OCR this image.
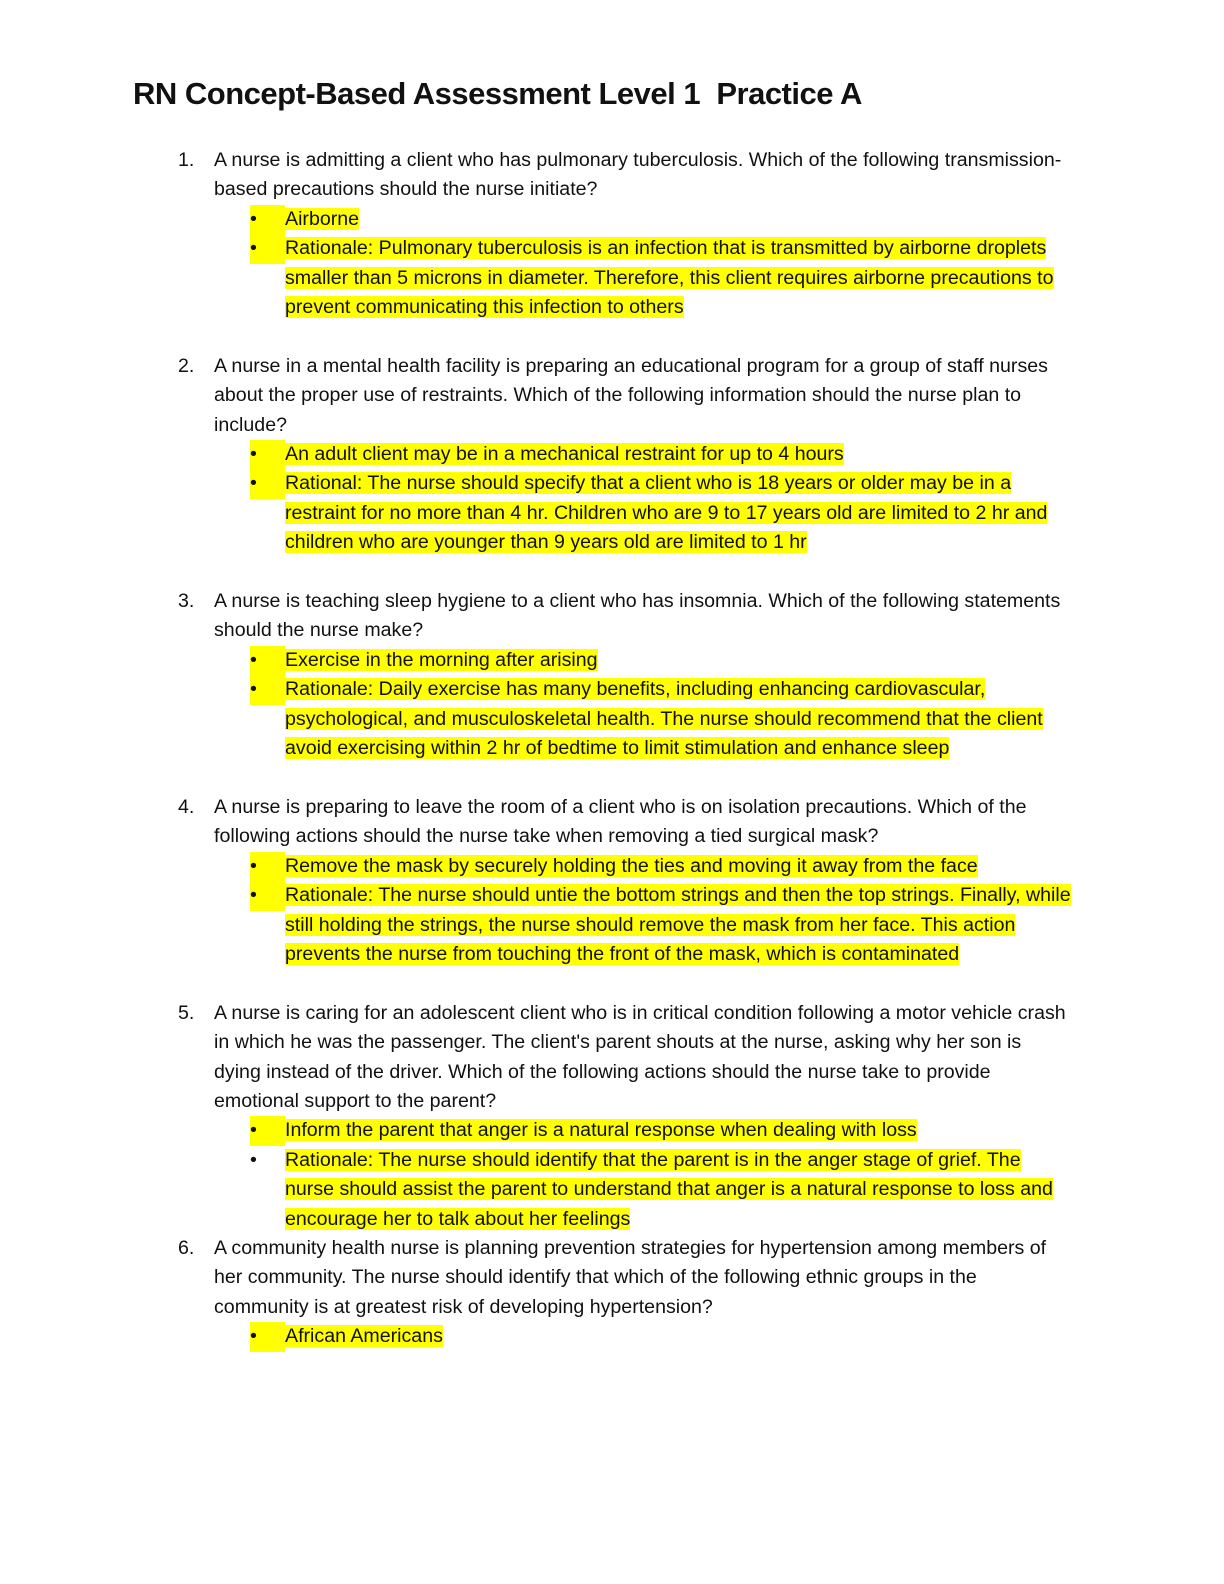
RN Concept-Based Assessment Level 1  Practice A
1. A nurse is admitting a client who has pulmonary tuberculosis. Which of the following transmission-based precautions should the nurse initiate?
•	Airborne
•	Rationale: Pulmonary tuberculosis is an infection that is transmitted by airborne droplets smaller than 5 microns in diameter. Therefore, this client requires airborne precautions to prevent communicating this infection to others
2. A nurse in a mental health facility is preparing an educational program for a group of staff nurses about the proper use of restraints. Which of the following information should the nurse plan to include?
•	An adult client may be in a mechanical restraint for up to 4 hours
•	Rational: The nurse should specify that a client who is 18 years or older may be in a restraint for no more than 4 hr. Children who are 9 to 17 years old are limited to 2 hr and children who are younger than 9 years old are limited to 1 hr
3. A nurse is teaching sleep hygiene to a client who has insomnia. Which of the following statements should the nurse make?
•	Exercise in the morning after arising
•	Rationale: Daily exercise has many benefits, including enhancing cardiovascular, psychological, and musculoskeletal health. The nurse should recommend that the client avoid exercising within 2 hr of bedtime to limit stimulation and enhance sleep
4. A nurse is preparing to leave the room of a client who is on isolation precautions. Which of the following actions should the nurse take when removing a tied surgical mask?
•	Remove the mask by securely holding the ties and moving it away from the face
•	Rationale: The nurse should untie the bottom strings and then the top strings. Finally, while still holding the strings, the nurse should remove the mask from her face. This action prevents the nurse from touching the front of the mask, which is contaminated
5. A nurse is caring for an adolescent client who is in critical condition following a motor vehicle crash in which he was the passenger. The client's parent shouts at the nurse, asking why her son is dying instead of the driver. Which of the following actions should the nurse take to provide emotional support to the parent?
•	Inform the parent that anger is a natural response when dealing with loss
•	Rationale: The nurse should identify that the parent is in the anger stage of grief. The nurse should assist the parent to understand that anger is a natural response to loss and encourage her to talk about her feelings
6. A community health nurse is planning prevention strategies for hypertension among members of her community. The nurse should identify that which of the following ethnic groups in the community is at greatest risk of developing hypertension?
•	African Americans
